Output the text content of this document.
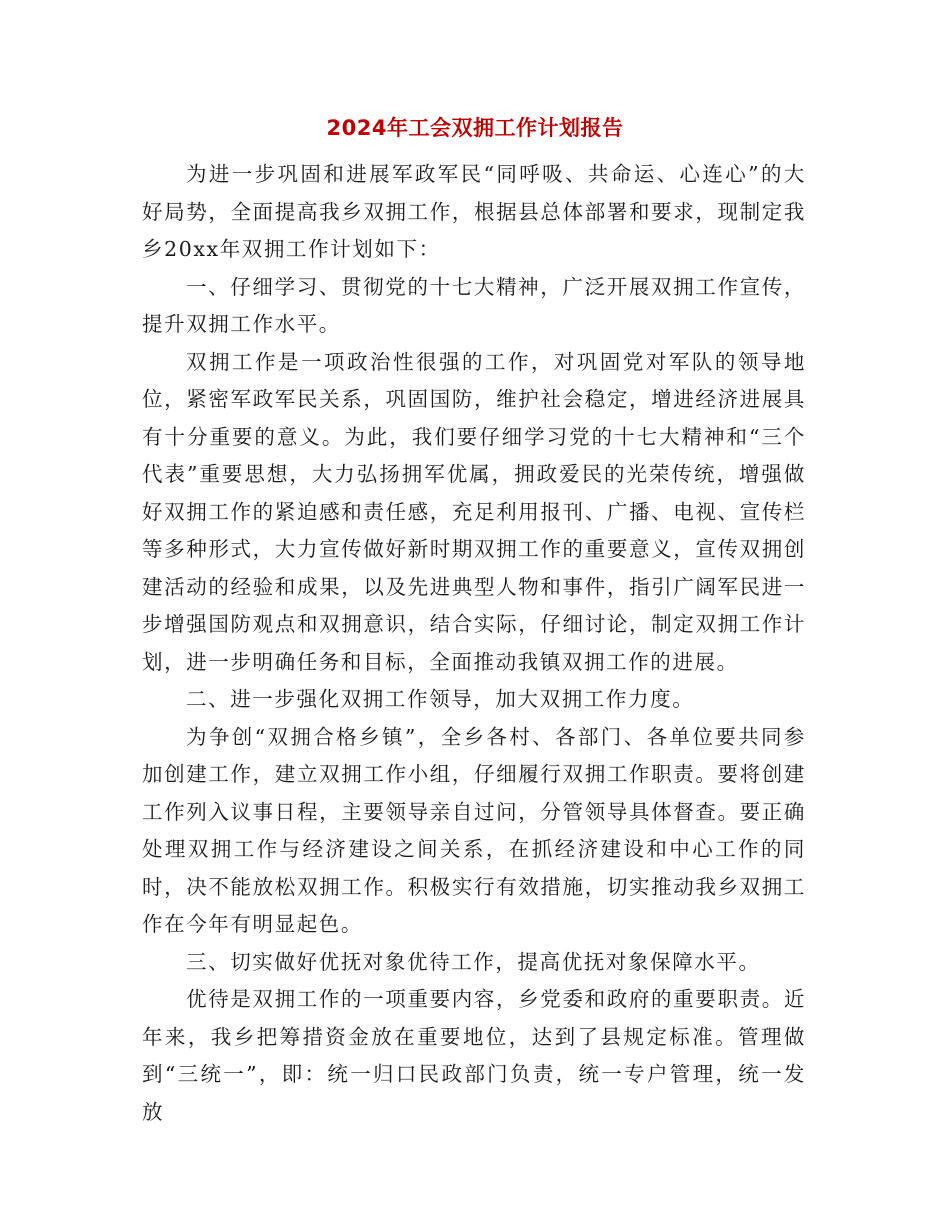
2024年工会双拥工作计划报告

为进一步巩固和进展军政军民“同呼吸、共命运、心连心”的大好局势，全面提高我乡双拥工作，根据县总体部署和要求，现制定我乡20xx年双拥工作计划如下：

一、仔细学习、贯彻党的十七大精神，广泛开展双拥工作宣传，提升双拥工作水平。

双拥工作是一项政治性很强的工作，对巩固党对军队的领导地位，紧密军政军民关系，巩固国防，维护社会稳定，增进经济进展具有十分重要的意义。为此，我们要仔细学习党的十七大精神和“三个代表”重要思想，大力弘扬拥军优属，拥政爱民的光荣传统，增强做好双拥工作的紧迫感和责任感，充足利用报刊、广播、电视、宣传栏等多种形式，大力宣传做好新时期双拥工作的重要意义，宣传双拥创建活动的经验和成果，以及先进典型人物和事件，指引广阔军民进一步增强国防观点和双拥意识，结合实际，仔细讨论，制定双拥工作计划，进一步明确任务和目标，全面推动我镇双拥工作的进展。

二、进一步强化双拥工作领导，加大双拥工作力度。

为争创“双拥合格乡镇”，全乡各村、各部门、各单位要共同参加创建工作，建立双拥工作小组，仔细履行双拥工作职责。要将创建工作列入议事日程，主要领导亲自过问，分管领导具体督查。要正确处理双拥工作与经济建设之间关系，在抓经济建设和中心工作的同时，决不能放松双拥工作。积极实行有效措施，切实推动我乡双拥工作在今年有明显起色。

三、切实做好优抚对象优待工作，提高优抚对象保障水平。

优待是双拥工作的一项重要内容，乡党委和政府的重要职责。近年来，我乡把筹措资金放在重要地位，达到了县规定标准。管理做到“三统一”，即：统一归口民政部门负责，统一专户管理，统一发放
